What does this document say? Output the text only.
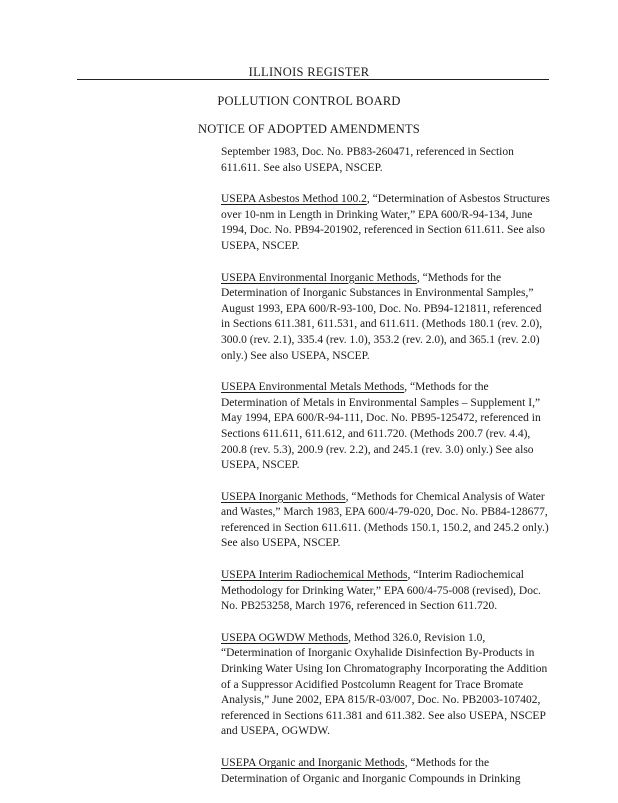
ILLINOIS REGISTER
POLLUTION CONTROL BOARD
NOTICE OF ADOPTED AMENDMENTS

September 1983, Doc. No. PB83-260471, referenced in Section 611.611. See also USEPA, NSCEP.

USEPA Asbestos Method 100.2, “Determination of Asbestos Structures over 10-nm in Length in Drinking Water,” EPA 600/R-94-134, June 1994, Doc. No. PB94-201902, referenced in Section 611.611. See also USEPA, NSCEP.

USEPA Environmental Inorganic Methods, “Methods for the Determination of Inorganic Substances in Environmental Samples,” August 1993, EPA 600/R-93-100, Doc. No. PB94-121811, referenced in Sections 611.381, 611.531, and 611.611. (Methods 180.1 (rev. 2.0), 300.0 (rev. 2.1), 335.4 (rev. 1.0), 353.2 (rev. 2.0), and 365.1 (rev. 2.0) only.) See also USEPA, NSCEP.

USEPA Environmental Metals Methods, “Methods for the Determination of Metals in Environmental Samples – Supplement I,” May 1994, EPA 600/R-94-111, Doc. No. PB95-125472, referenced in Sections 611.611, 611.612, and 611.720. (Methods 200.7 (rev. 4.4), 200.8 (rev. 5.3), 200.9 (rev. 2.2), and 245.1 (rev. 3.0) only.) See also USEPA, NSCEP.

USEPA Inorganic Methods, “Methods for Chemical Analysis of Water and Wastes,” March 1983, EPA 600/4-79-020, Doc. No. PB84-128677, referenced in Section 611.611. (Methods 150.1, 150.2, and 245.2 only.) See also USEPA, NSCEP.

USEPA Interim Radiochemical Methods, “Interim Radiochemical Methodology for Drinking Water,” EPA 600/4-75-008 (revised), Doc. No. PB253258, March 1976, referenced in Section 611.720.

USEPA OGWDW Methods, Method 326.0, Revision 1.0, “Determination of Inorganic Oxyhalide Disinfection By-Products in Drinking Water Using Ion Chromatography Incorporating the Addition of a Suppressor Acidified Postcolumn Reagent for Trace Bromate Analysis,” June 2002, EPA 815/R-03/007, Doc. No. PB2003-107402, referenced in Sections 611.381 and 611.382. See also USEPA, NSCEP and USEPA, OGWDW.

USEPA Organic and Inorganic Methods, “Methods for the Determination of Organic and Inorganic Compounds in Drinking
